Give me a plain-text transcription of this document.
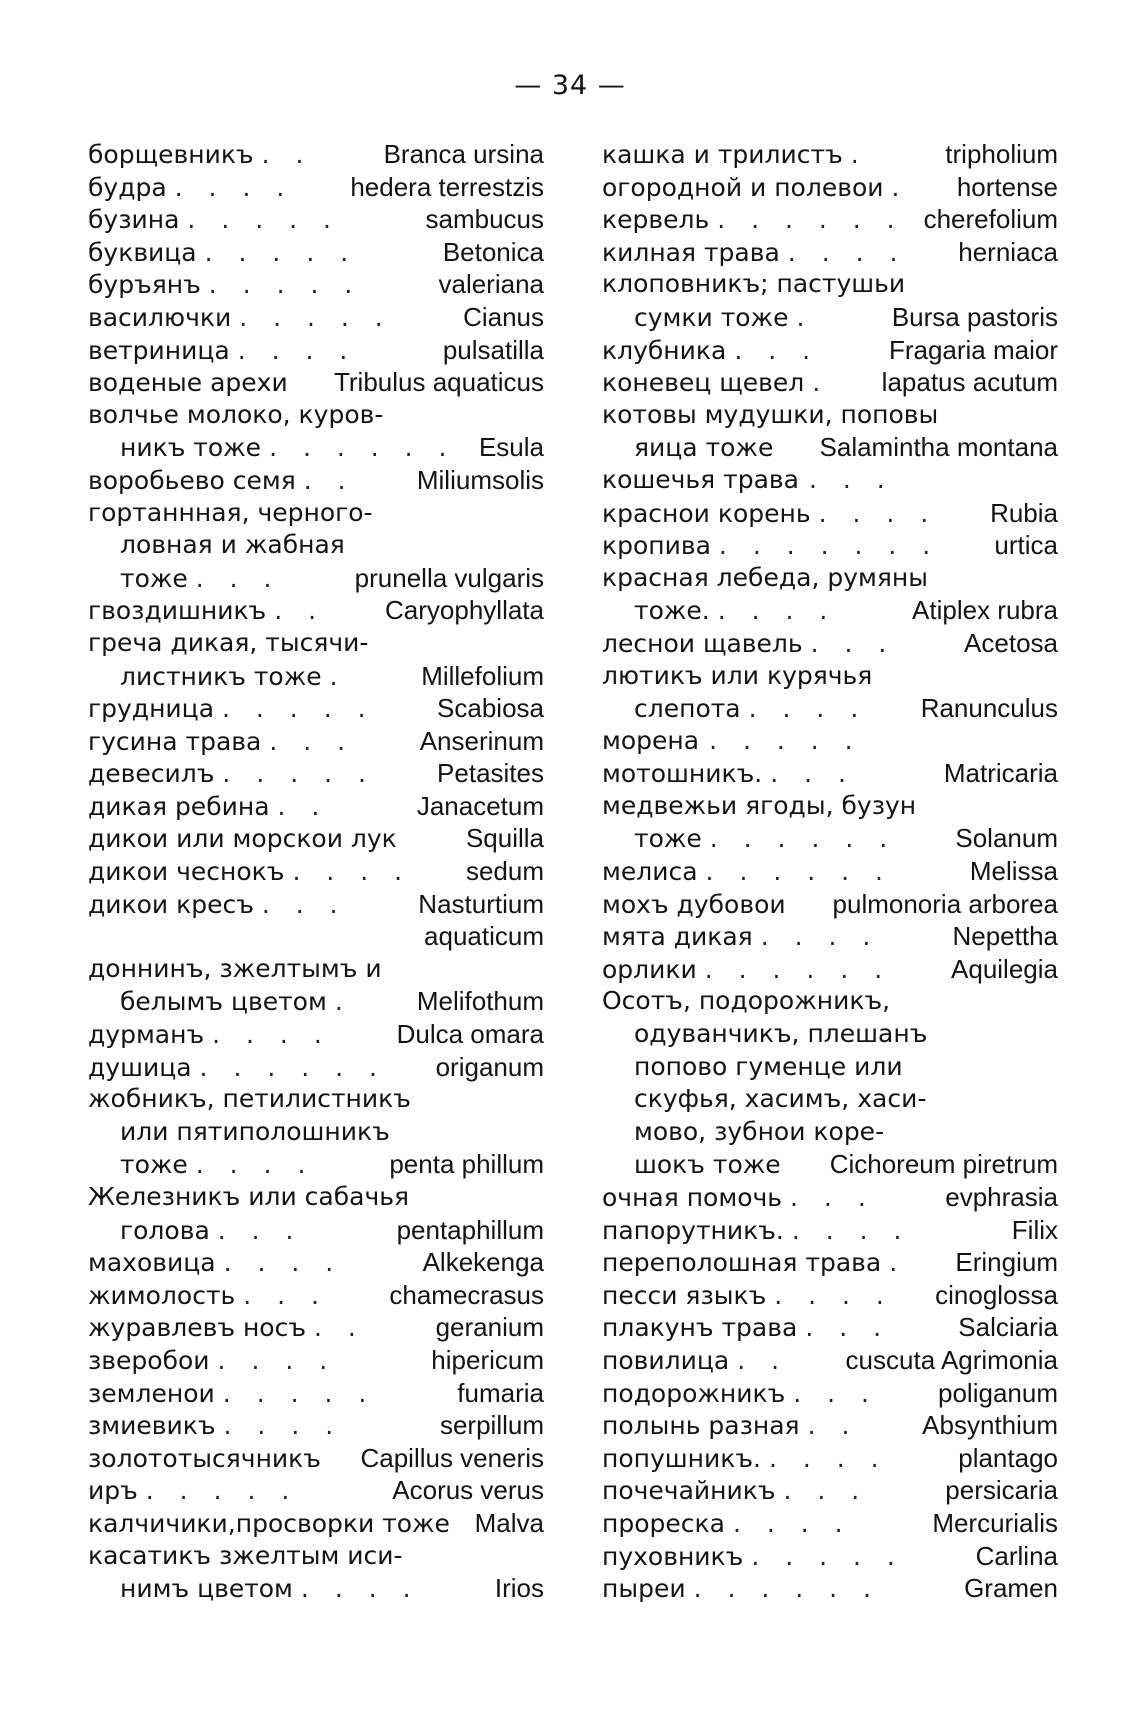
— 34 —
борщевникъ . .	Branca ursina
будра . . . .	hedera terrestzis
бузина . . . . .	sambucus
буквица . . . . .	Betonica
буръянъ . . . . .	valeriana
василючки . . . . .	Cianus
ветриница . . . .	pulsatilla
воденые арехи Tribulus aquaticus
волчье молоко, куров-
никъ тоже . . . . . . Esula
воробьево семя . .	Miliumsolis
гортаннная, черного-
ловная и жабная
тоже . . .	prunella vulgaris
гвоздишникъ . .	Caryophyllata
греча дикая, тысячи-
листникъ тоже .	Millefolium
грудница . . . . .	Scabiosa
гусина трава . . .	Anserinum
девесилъ . . . . .	Petasites
дикая ребина . .	Janacetum
дикои или морскои лук	Squilla
дикои чеснокъ . . . .	sedum
дикои кресъ . . .	Nasturtium
aquaticum
доннинъ, зжелтымъ и
белымъ цветом .	Melifothum
дурманъ . . . .	Dulca omara
душица . . . . . .	origanum
жобникъ, петилистникъ
или пятиполошникъ
тоже . . . .	penta phillum
Железникъ или сабачья
голова . . .	pentaphillum
маховица . . . .	Alkekenga
жимолость . . .	chamecrasus
журавлевъ носъ . .	geranium
зверобои . . . .	hipericum
земленои . . . . .	fumaria
змиевикъ . . . .	serpillum
золототысячникъ Capillus veneris
иръ . . . . .	Acorus verus
калчичики,просворки тоже Malva
касатикъ зжелтым иси-
нимъ цветом . . . .	Irios
кашка и трилистъ .	tripholium
огородной и полевои .	hortense
кервель . . . . . . cherefolium
килная трава . . . .	herniaca
клоповникъ; пастушьи
сумки тоже .	Bursa pastoris
клубника . . .	Fragaria maior
коневец щевел .	lapatus acutum
котовы мудушки, поповы
яица тоже Salamintha montana
кошечья трава . . .
краснои корень . . . .	Rubia
кропива . . . . . . .	urtica
красная лебеда, румяны
тоже. . . . .	Atiplex rubra
леснои щавель . . .	Acetosa
лютикъ или курячья
слепота . . . .	Ranunculus
морена . . . . .
мотошникъ. . . .	Matricaria
медвежьи ягоды, бузун
тоже . . . . . .	Solanum
мелиса . . . . . .	Melissa
мохъ дубовои pulmonoria arborea
мята дикая . . . .	Nepettha
орлики . . . . . .	Aquilegia
Осотъ, подорожникъ,
одуванчикъ, плешанъ
попово гуменце или
скуфья, хасимъ, хаси-
мово, зубнои коре-
шокъ тоже Cichoreum piretrum
очная помочь . . .	evphrasia
папорутникъ. . . . .	Filix
переполошная трава .	Eringium
песси языкъ . . . .	cinoglossa
плакунъ трава . . .	Salciaria
повилица . .	cuscuta Agrimonia
подорожникъ . . .	poliganum
полынь разная . .	Absynthium
попушникъ. . . . .	plantago
почечайникъ . . .	persicaria
прореска . . . .	Mercurialis
пуховникъ . . . . .	Carlina
пыреи . . . . . .	Gramen
